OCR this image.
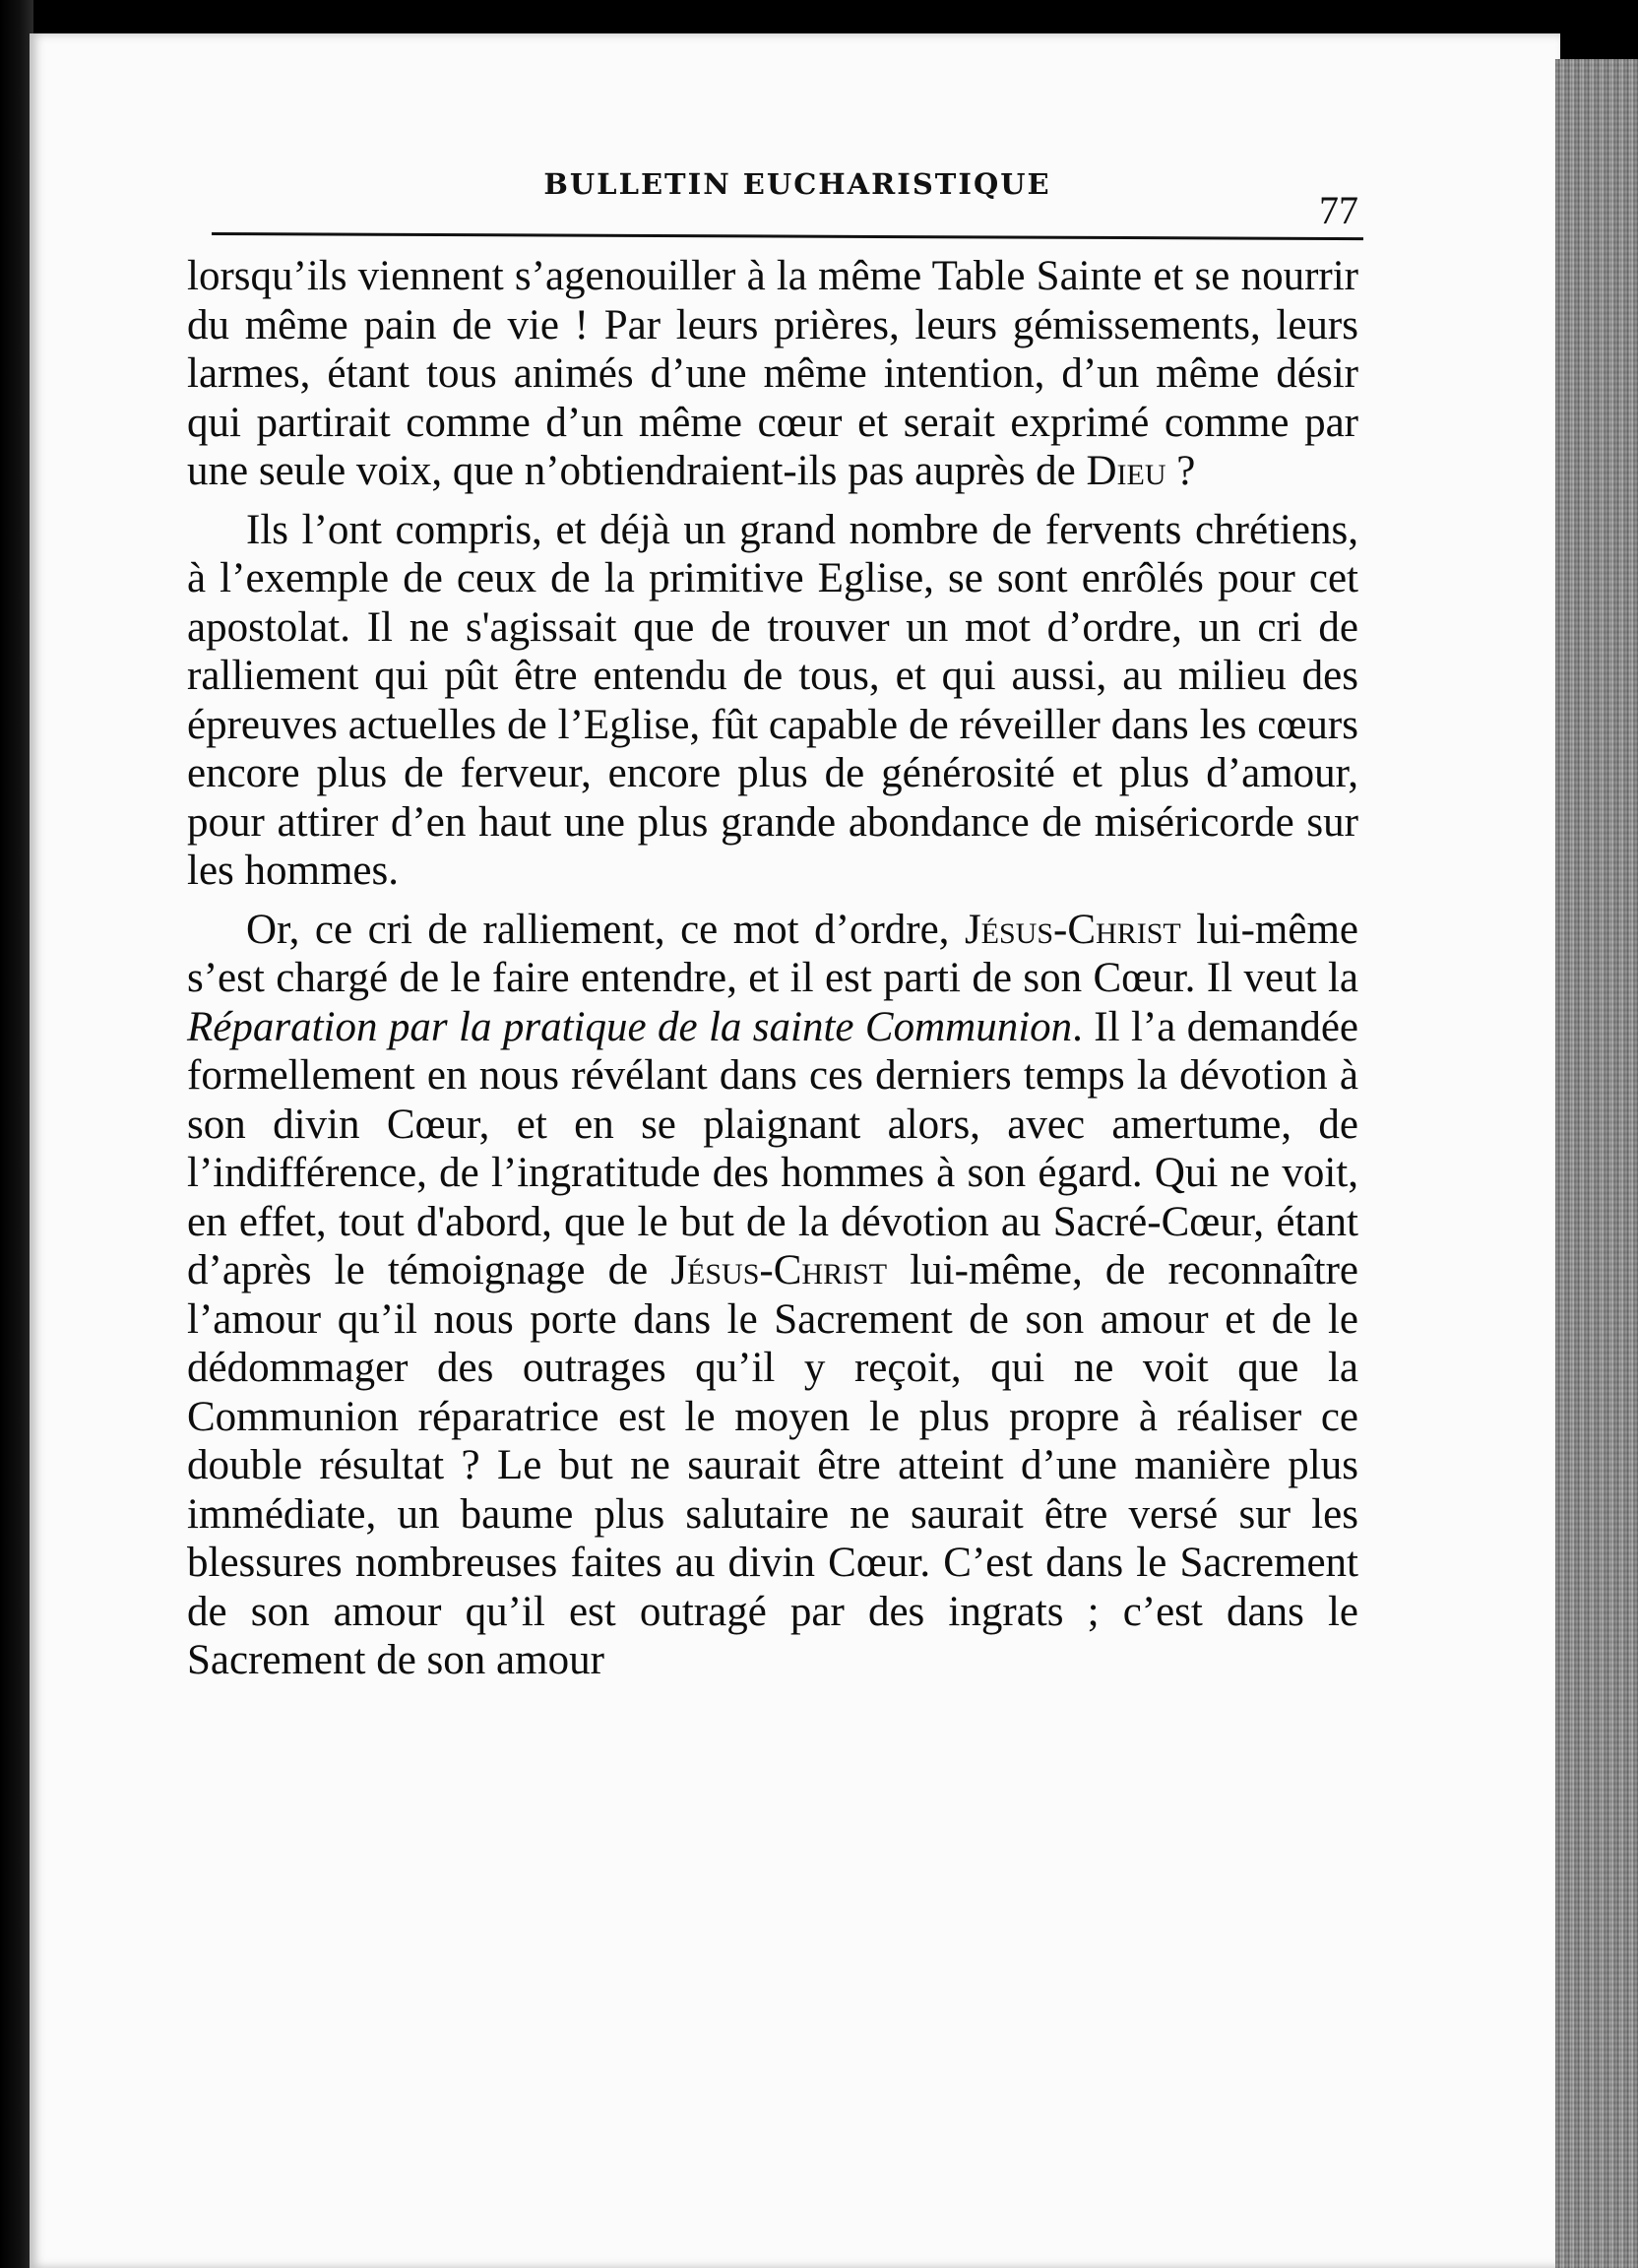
BULLETIN EUCHARISTIQUE
77

lorsqu’ils viennent s’agenouiller à la même Table Sainte et se nourrir du même pain de vie ! Par leurs prières, leurs gémissements, leurs larmes, étant tous animés d’une même intention, d’un même désir qui partirait comme d’un même cœur et serait exprimé comme par une seule voix, que n’obtiendraient-ils pas auprès de Dieu ?

Ils l’ont compris, et déjà un grand nombre de fervents chrétiens, à l’exemple de ceux de la primitive Eglise, se sont enrôlés pour cet apostolat. Il ne s'agissait que de trouver un mot d’ordre, un cri de ralliement qui pût être entendu de tous, et qui aussi, au milieu des épreuves actuelles de l’Eglise, fût capable de réveiller dans les cœurs encore plus de ferveur, encore plus de générosité et plus d’amour, pour attirer d’en haut une plus grande abondance de miséricorde sur les hommes.

Or, ce cri de ralliement, ce mot d’ordre, Jésus-Christ lui-même s’est chargé de le faire entendre, et il est parti de son Cœur. Il veut la Réparation par la pratique de la sainte Communion. Il l’a demandée formellement en nous révélant dans ces derniers temps la dévotion à son divin Cœur, et en se plaignant alors, avec amertume, de l’indifférence, de l’ingratitude des hommes à son égard. Qui ne voit, en effet, tout d'abord, que le but de la dévotion au Sacré-Cœur, étant d’après le témoignage de Jésus-Christ lui-même, de reconnaître l’amour qu’il nous porte dans le Sacrement de son amour et de le dédommager des outrages qu’il y reçoit, qui ne voit que la Communion réparatrice est le moyen le plus propre à réaliser ce double résultat ? Le but ne saurait être atteint d’une manière plus immédiate, un baume plus salutaire ne saurait être versé sur les blessures nombreuses faites au divin Cœur. C’est dans le Sacrement de son amour qu’il est outragé par des ingrats ; c’est dans le Sacrement de son amour
